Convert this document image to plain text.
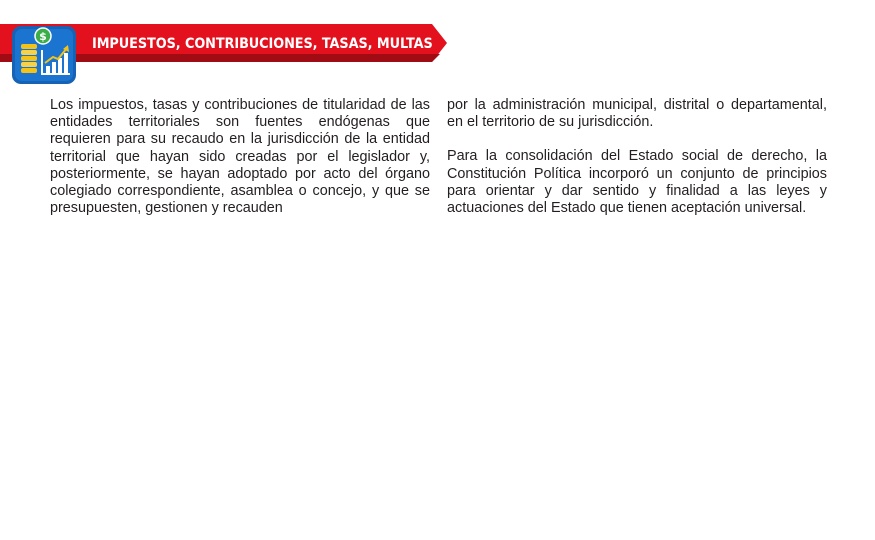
$	IMPUESTOS, CONTRIBUCIONES, TASAS, MULTAS

Los impuestos, tasas y contribuciones de titularidad de las entidades territoriales son fuentes endógenas que requieren para su recaudo en la jurisdicción de la entidad territorial que hayan sido creadas por el legislador y, posteriormente, se hayan adoptado por acto del órgano colegiado correspondiente, asamblea o concejo, y que se presupuesten, gestionen y recauden

por la administración municipal, distrital o departamental, en el territorio de su jurisdicción.

Para la consolidación del Estado social de derecho, la Constitución Política incorporó un conjunto de principios para orientar y dar sentido y finalidad a las leyes y actuaciones del Estado que tienen aceptación universal.
